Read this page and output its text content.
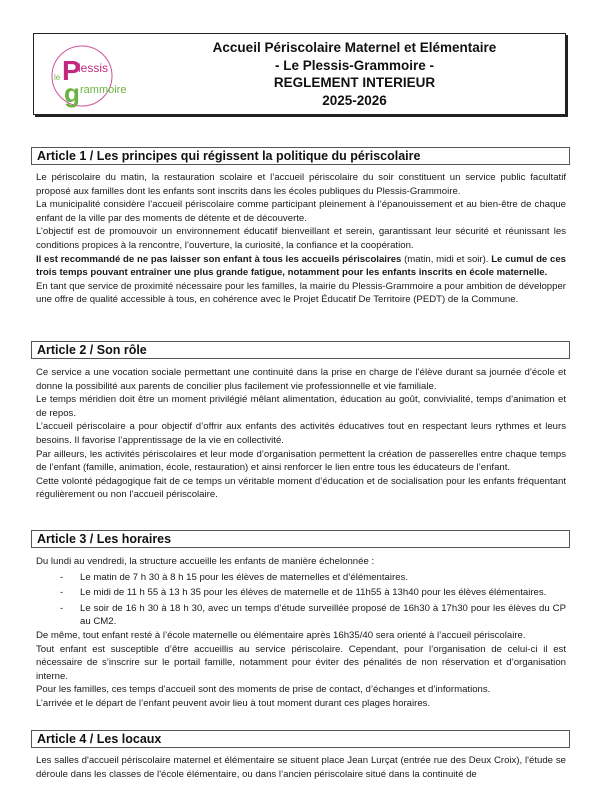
le P
lessis
g rammoire
Accueil Périscolaire Maternel et Elémentaire
- Le Plessis-Grammoire -
REGLEMENT INTERIEUR
2025-2026
Article 1 / Les principes qui régissent la politique du périscolaire

Le périscolaire du matin, la restauration scolaire et l’accueil périscolaire du soir constituent un service public facultatif proposé aux familles dont les enfants sont inscrits dans les écoles publiques du Plessis-Grammoire.

La municipalité considère l’accueil périscolaire comme participant pleinement à l’épanouissement et au bien-être de chaque enfant de la ville par des moments de détente et de découverte.

L’objectif est de promouvoir un environnement éducatif bienveillant et serein, garantissant leur sécurité et réunissant les conditions propices à la rencontre, l’ouverture, la curiosité, la confiance et la coopération.

Il est recommandé de ne pas laisser son enfant à tous les accueils périscolaires (matin, midi et soir). Le cumul de ces trois temps pouvant entraîner une plus grande fatigue, notamment pour les enfants inscrits en école maternelle.

En tant que service de proximité nécessaire pour les familles, la mairie du Plessis-Grammoire a pour ambition de développer une offre de qualité accessible à tous, en cohérence avec le Projet Éducatif De Territoire (PEDT) de la Commune.

Article 2 / Son rôle

Ce service a une vocation sociale permettant une continuité dans la prise en charge de l’élève durant sa journée d’école et donne la possibilité aux parents de concilier plus facilement vie professionnelle et vie familiale.

Le temps méridien doit être un moment privilégié mêlant alimentation, éducation au goût, convivialité, temps d’animation et de repos.

L’accueil périscolaire a pour objectif d’offrir aux enfants des activités éducatives tout en respectant leurs rythmes et leurs besoins. Il favorise l’apprentissage de la vie en collectivité.

Par ailleurs, les activités périscolaires et leur mode d’organisation permettent la création de passerelles entre chaque temps de l’enfant (famille, animation, école, restauration) et ainsi renforcer le lien entre tous les éducateurs de l’enfant.

Cette volonté pédagogique fait de ce temps un véritable moment d’éducation et de socialisation pour les enfants fréquentant régulièrement ou non l’accueil périscolaire.

Article 3 / Les horaires

Du lundi au vendredi, la structure accueille les enfants de manière échelonnée :

- Le matin de 7 h 30 à 8 h 15 pour les élèves de maternelles et d’élémentaires.
- Le midi de 11 h 55 à 13 h 35 pour les élèves de maternelle et de 11h55 à 13h40 pour les élèves élémentaires.
- Le soir de 16 h 30 à 18 h 30, avec un temps d’étude surveillée proposé de 16h30 à 17h30 pour les élèves du CP au CM2.

De même, tout enfant resté à l’école maternelle ou élémentaire après 16h35/40 sera orienté à l’accueil périscolaire.

Tout enfant est susceptible d’être accueillis au service périscolaire. Cependant, pour l’organisation de celui-ci il est nécessaire de s’inscrire sur le portail famille, notamment pour éviter des pénalités de non réservation et d’organisation interne.

Pour les familles, ces temps d’accueil sont des moments de prise de contact, d’échanges et d’informations.

L’arrivée et le départ de l’enfant peuvent avoir lieu à tout moment durant ces plages horaires.

Article 4 / Les locaux

Les salles d'accueil périscolaire maternel et élémentaire se situent place Jean Lurçat (entrée rue des Deux Croix), l'étude se déroule dans les classes de l'école élémentaire, ou dans l’ancien périscolaire situé dans la continuité de
